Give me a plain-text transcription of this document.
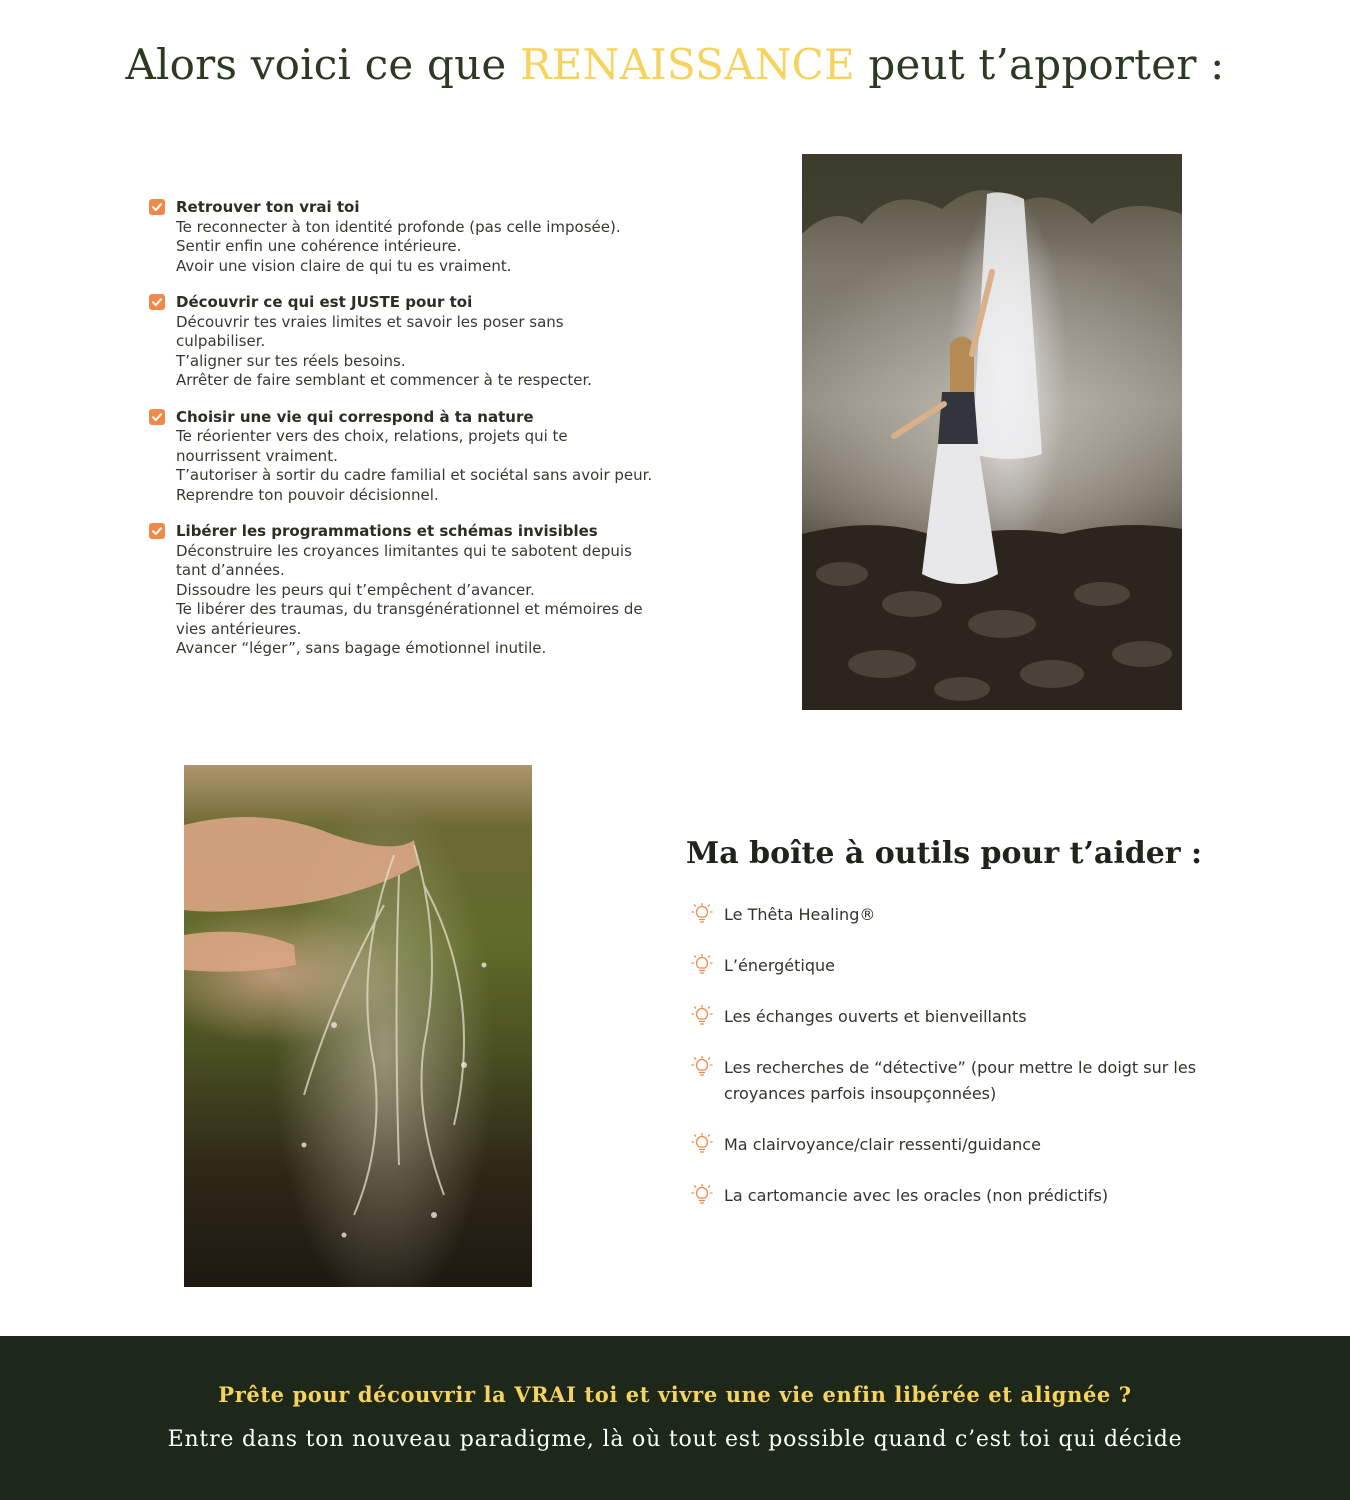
Alors voici ce que RENAISSANCE peut t’apporter :
Retrouver ton vrai toi
Te reconnecter à ton identité profonde (pas celle imposée).
Sentir enfin une cohérence intérieure.
Avoir une vision claire de qui tu es vraiment.
Découvrir ce qui est JUSTE pour toi
Découvrir tes vraies limites et savoir les poser sans
culpabiliser.
T’aligner sur tes réels besoins.
Arrêter de faire semblant et commencer à te respecter.
Choisir une vie qui correspond à ta nature
Te réorienter vers des choix, relations, projets qui te
nourrissent vraiment.
T’autoriser à sortir du cadre familial et sociétal sans avoir peur.
Reprendre ton pouvoir décisionnel.
Libérer les programmations et schémas invisibles
Déconstruire les croyances limitantes qui te sabotent depuis
tant d’années.
Dissoudre les peurs qui t’empêchent d’avancer.
Te libérer des traumas, du transgénérationnel et mémoires de
vies antérieures.
Avancer “léger”, sans bagage émotionnel inutile.
Ma boîte à outils pour t’aider :
Le Thêta Healing®
L’énergétique
Les échanges ouverts et bienveillants
Les recherches de “détective” (pour mettre le doigt sur les
croyances parfois insoupçonnées)
Ma clairvoyance/clair ressenti/guidance
La cartomancie avec les oracles (non prédictifs)
Prête pour découvrir la VRAI toi et vivre une vie enfin libérée et alignée ?
Entre dans ton nouveau paradigme, là où tout est possible quand c’est toi qui décide
